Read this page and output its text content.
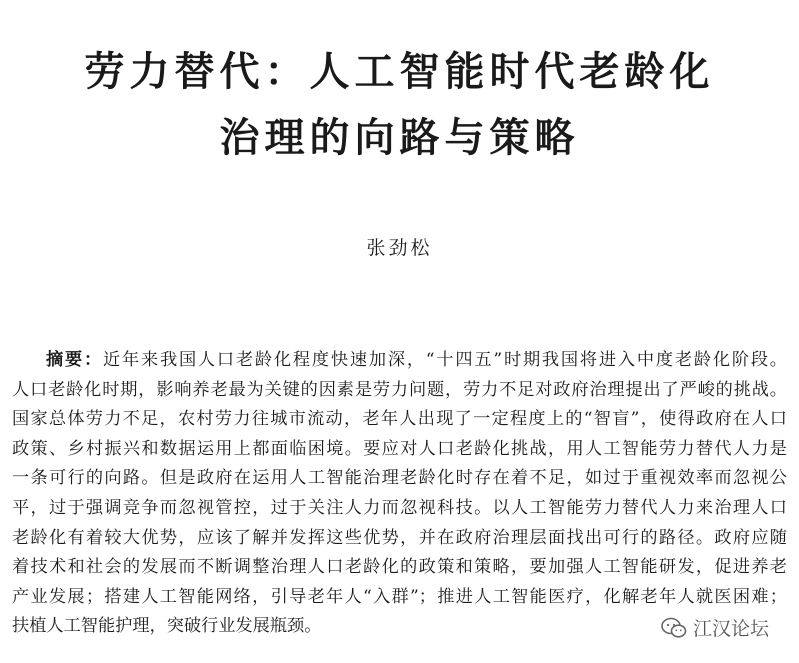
劳力替代：人工智能时代老龄化
治理的向路与策略

张劲松

摘要：近年来我国人口老龄化程度快速加深，“十四五”时期我国将进入中度老龄化阶段。
人口老龄化时期，影响养老最为关键的因素是劳力问题，劳力不足对政府治理提出了严峻的挑战。
国家总体劳力不足，农村劳力往城市流动，老年人出现了一定程度上的“智盲”，使得政府在人口
政策、乡村振兴和数据运用上都面临困境。要应对人口老龄化挑战，用人工智能劳力替代人力是
一条可行的向路。但是政府在运用人工智能治理老龄化时存在着不足，如过于重视效率而忽视公
平，过于强调竞争而忽视管控，过于关注人力而忽视科技。以人工智能劳力替代人力来治理人口
老龄化有着较大优势，应该了解并发挥这些优势，并在政府治理层面找出可行的路径。政府应随
着技术和社会的发展而不断调整治理人口老龄化的政策和策略，要加强人工智能研发，促进养老
产业发展；搭建人工智能网络，引导老年人“入群”；推进人工智能医疗，化解老年人就医困难；
扶植人工智能护理，突破行业发展瓶颈。	江汉论坛
